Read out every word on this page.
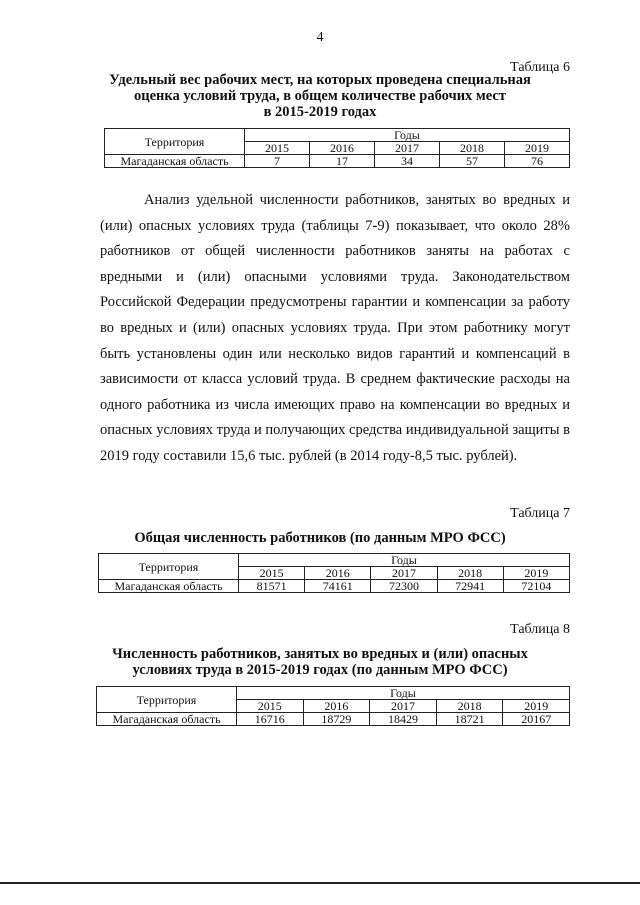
4
Таблица 6
Удельный вес рабочих мест, на которых проведена специальная
оценка условий труда, в общем количестве рабочих мест
в 2015-2019 годах
Территория	Годы				
	2015	2016	2017	2018	2019
Магаданская область	7	17	34	57	76

Анализ удельной численности работников, занятых во вредных и (или) опасных условиях труда (таблицы 7-9) показывает, что около 28% работников от общей численности работников заняты на работах с вредными и (или) опасными условиями труда. Законодательством Российской Федерации предусмотрены гарантии и компенсации за работу во вредных и (или) опасных условиях труда. При этом работнику могут быть установлены один или несколько видов гарантий и компенсаций в зависимости от класса условий труда. В среднем фактические расходы на одного работника из числа имеющих право на компенсации во вредных и опасных условиях труда и получающих средства индивидуальной защиты в 2019 году составили 15,6 тыс. рублей (в 2014 году-8,5 тыс. рублей).

Таблица 7
Общая численность работников (по данным МРО ФСС)
Территория	Годы				
	2015	2016	2017	2018	2019
Магаданская область	81571	74161	72300	72941	72104
Таблица 8
Численность работников, занятых во вредных и (или) опасных
условиях труда в 2015-2019 годах (по данным МРО ФСС)
Территория	Годы				
	2015	2016	2017	2018	2019
Магаданская область	16716	18729	18429	18721	20167
